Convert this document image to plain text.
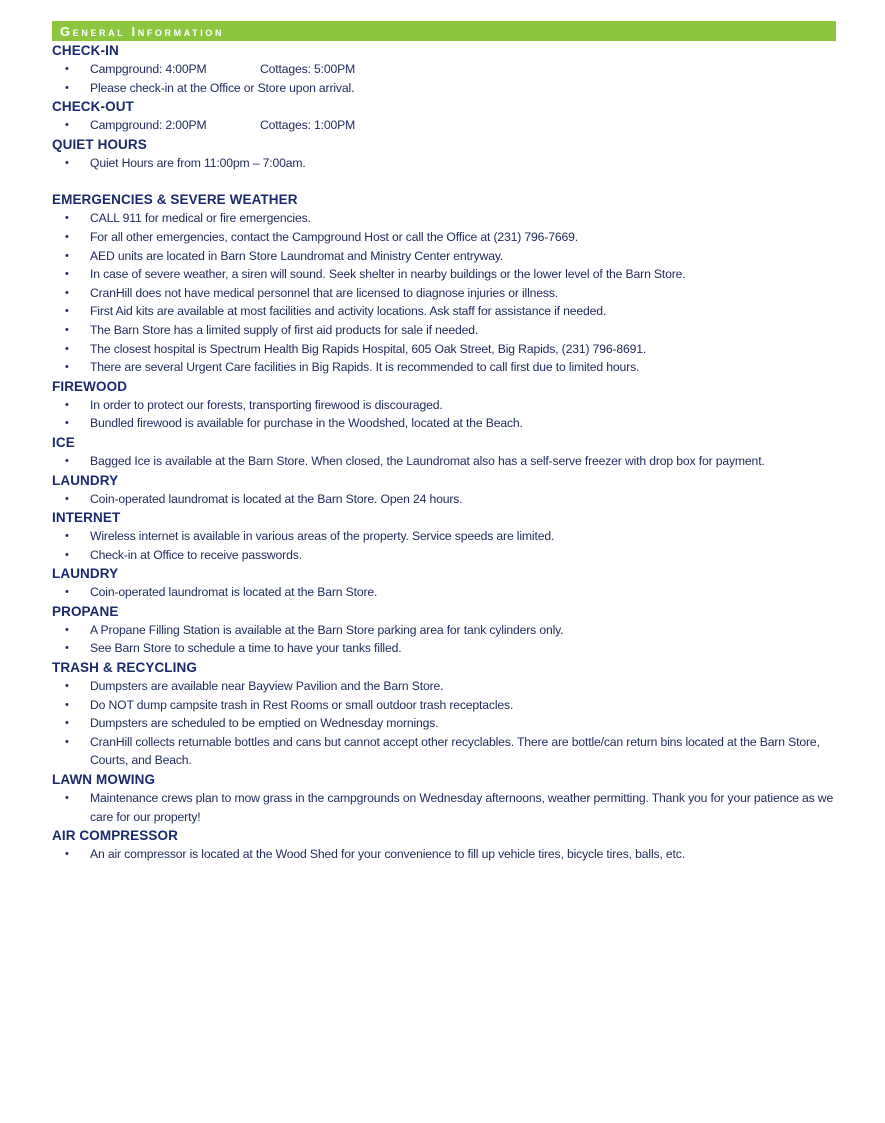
General Information
CHECK-IN
• Campground: 4:00PM	Cottages: 5:00PM
• Please check-in at the Office or Store upon arrival.
CHECK-OUT
• Campground: 2:00PM	Cottages: 1:00PM
QUIET HOURS
• Quiet Hours are from 11:00pm – 7:00am.
EMERGENCIES & SEVERE WEATHER
• CALL 911 for medical or fire emergencies.
• For all other emergencies, contact the Campground Host or call the Office at (231) 796-7669.
• AED units are located in Barn Store Laundromat and Ministry Center entryway.
• In case of severe weather, a siren will sound. Seek shelter in nearby buildings or the lower level of the Barn Store.
• CranHill does not have medical personnel that are licensed to diagnose injuries or illness.
• First Aid kits are available at most facilities and activity locations. Ask staff for assistance if needed.
• The Barn Store has a limited supply of first aid products for sale if needed.
• The closest hospital is Spectrum Health Big Rapids Hospital, 605 Oak Street, Big Rapids, (231) 796-8691.
• There are several Urgent Care facilities in Big Rapids. It is recommended to call first due to limited hours.
FIREWOOD
• In order to protect our forests, transporting firewood is discouraged.
• Bundled firewood is available for purchase in the Woodshed, located at the Beach.
ICE
• Bagged Ice is available at the Barn Store. When closed, the Laundromat also has a self-serve freezer with drop box for payment.
LAUNDRY
• Coin-operated laundromat is located at the Barn Store. Open 24 hours.
INTERNET
• Wireless internet is available in various areas of the property. Service speeds are limited.
• Check-in at Office to receive passwords.
LAUNDRY
• Coin-operated laundromat is located at the Barn Store.
PROPANE
• A Propane Filling Station is available at the Barn Store parking area for tank cylinders only.
• See Barn Store to schedule a time to have your tanks filled.
TRASH & RECYCLING
• Dumpsters are available near Bayview Pavilion and the Barn Store.
• Do NOT dump campsite trash in Rest Rooms or small outdoor trash receptacles.
• Dumpsters are scheduled to be emptied on Wednesday mornings.
• CranHill collects returnable bottles and cans but cannot accept other recyclables. There are bottle/can return bins located at the Barn Store, Courts, and Beach.
LAWN MOWING
• Maintenance crews plan to mow grass in the campgrounds on Wednesday afternoons, weather permitting. Thank you for your patience as we care for our property!
AIR COMPRESSOR
• An air compressor is located at the Wood Shed for your convenience to fill up vehicle tires, bicycle tires, balls, etc.
